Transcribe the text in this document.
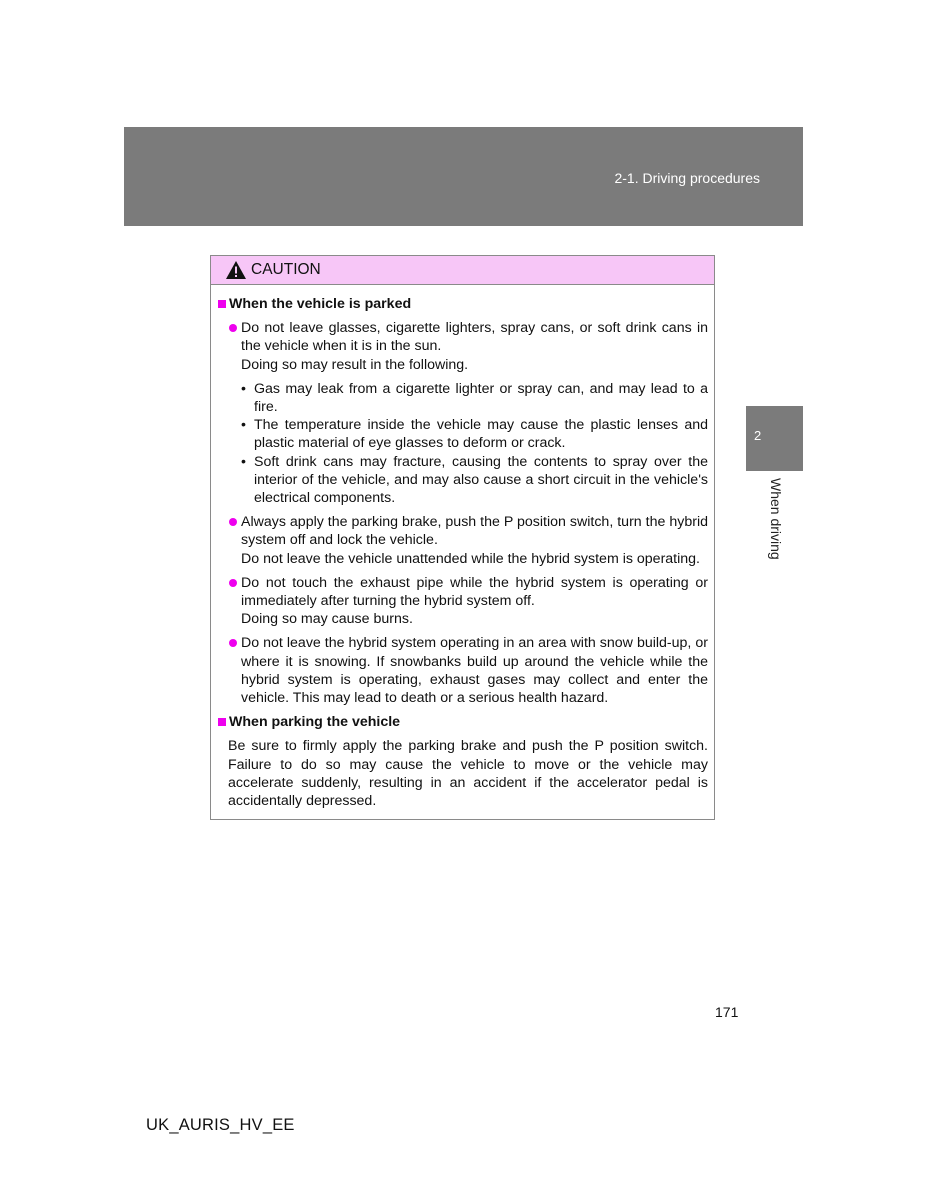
2-1. Driving procedures
2
When driving
CAUTION
When the vehicle is parked
Do not leave glasses, cigarette lighters, spray cans, or soft drink cans in the vehicle when it is in the sun.
Doing so may result in the following.
• Gas may leak from a cigarette lighter or spray can, and may lead to a fire.
• The temperature inside the vehicle may cause the plastic lenses and plastic material of eye glasses to deform or crack.
• Soft drink cans may fracture, causing the contents to spray over the interior of the vehicle, and may also cause a short circuit in the vehicle's electrical components.
Always apply the parking brake, push the P position switch, turn the hybrid system off and lock the vehicle.
Do not leave the vehicle unattended while the hybrid system is operating.
Do not touch the exhaust pipe while the hybrid system is operating or immediately after turning the hybrid system off.
Doing so may cause burns.
Do not leave the hybrid system operating in an area with snow build-up, or where it is snowing. If snowbanks build up around the vehicle while the hybrid system is operating, exhaust gases may collect and enter the vehicle. This may lead to death or a serious health hazard.
When parking the vehicle
Be sure to firmly apply the parking brake and push the P position switch. Failure to do so may cause the vehicle to move or the vehicle may accelerate suddenly, resulting in an accident if the accelerator pedal is accidentally depressed.
171
UK_AURIS_HV_EE
